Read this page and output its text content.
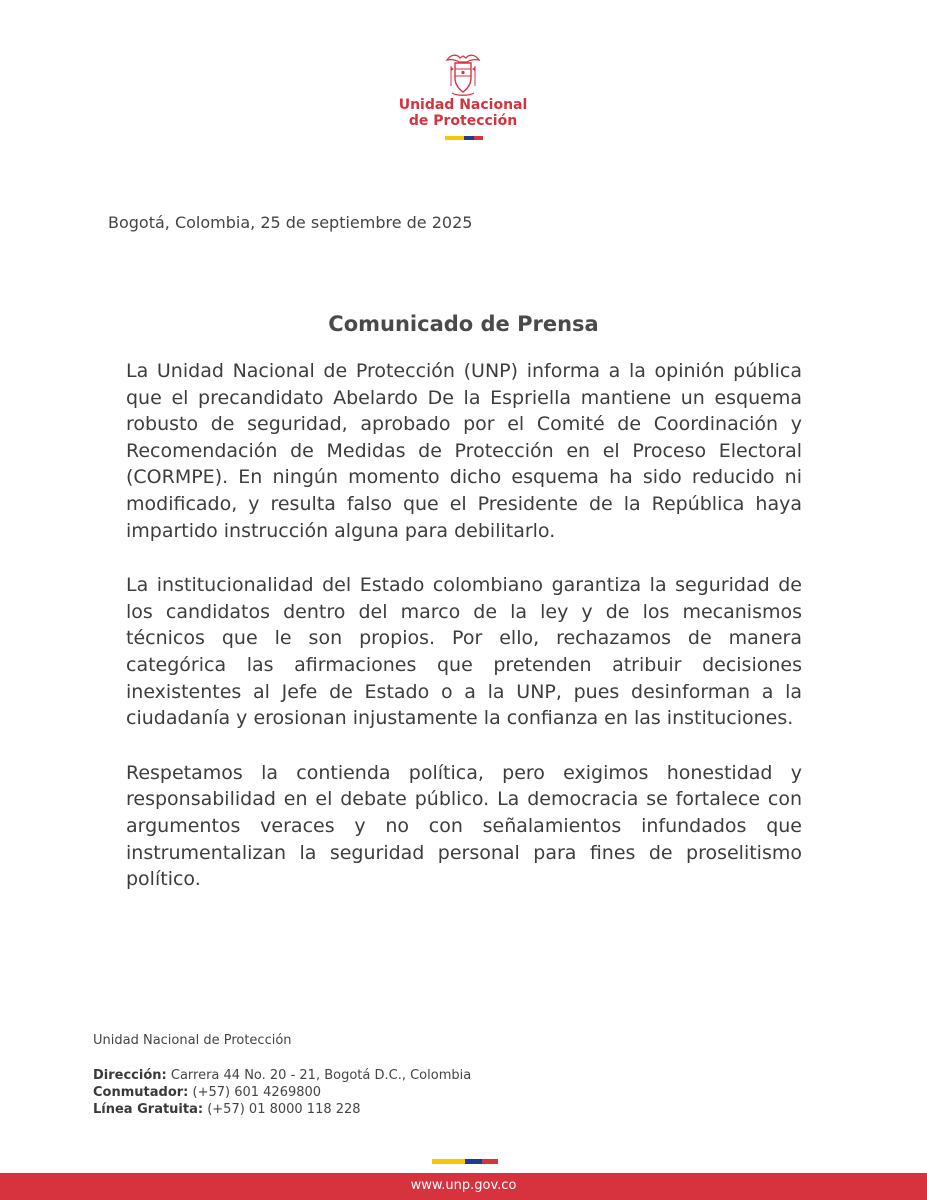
Unidad Nacional
de Protección
Bogotá, Colombia, 25 de septiembre de 2025
Comunicado de Prensa

La Unidad Nacional de Protección (UNP) informa a la opinión pública que el precandidato Abelardo De la Espriella mantiene un esquema robusto de seguridad, aprobado por el Comité de Coordinación y Recomendación de Medidas de Protección en el Proceso Electoral (CORMPE). En ningún momento dicho esquema ha sido reducido ni modificado, y resulta falso que el Presidente de la República haya impartido instrucción alguna para debilitarlo.

La institucionalidad del Estado colombiano garantiza la seguridad de los candidatos dentro del marco de la ley y de los mecanismos técnicos que le son propios. Por ello, rechazamos de manera categórica las afirmaciones que pretenden atribuir decisiones inexistentes al Jefe de Estado o a la UNP, pues desinforman a la ciudadanía y erosionan injustamente la confianza en las instituciones.

Respetamos la contienda política, pero exigimos honestidad y responsabilidad en el debate público. La democracia se fortalece con argumentos veraces y no con señalamientos infundados que instrumentalizan la seguridad personal para fines de proselitismo político.

Unidad Nacional de Protección
Dirección: Carrera 44 No. 20 - 21, Bogotá D.C., Colombia
Conmutador: (+57) 601 4269800
Línea Gratuita: (+57) 01 8000 118 228
www.unp.gov.co
